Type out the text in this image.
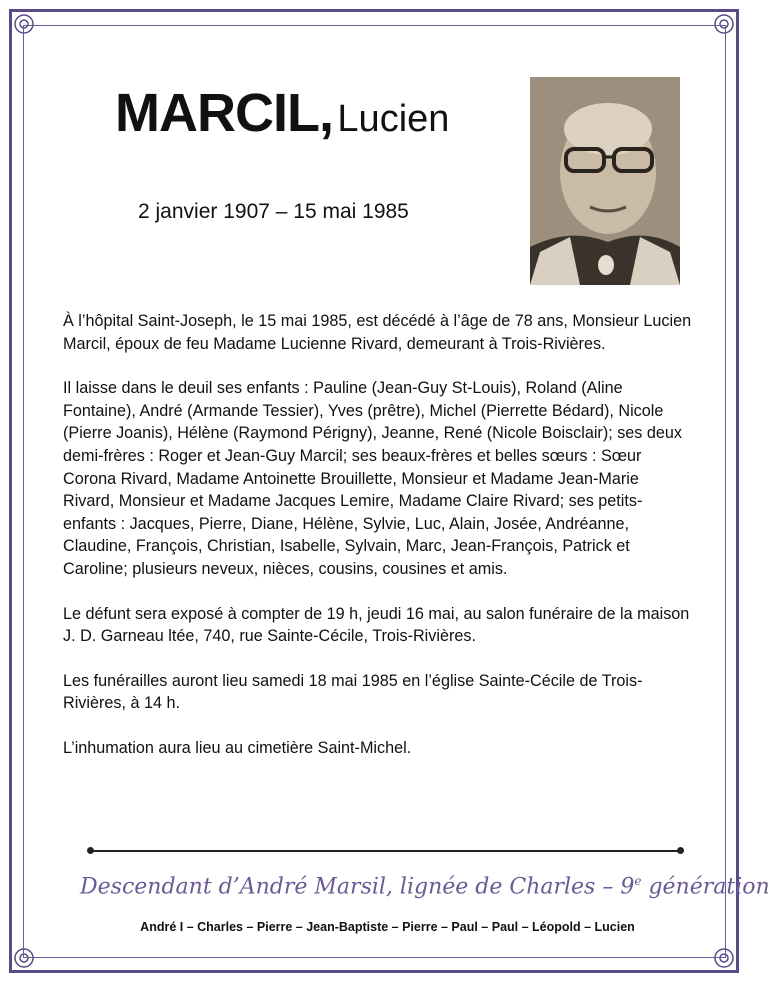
MARCIL, Lucien
2 janvier 1907 – 15 mai 1985

À l’hôpital Saint-Joseph, le 15 mai 1985, est décédé à l’âge de 78 ans, Monsieur Lucien Marcil, époux de feu Madame Lucienne Rivard, demeurant à Trois-Rivières.

Il laisse dans le deuil ses enfants : Pauline (Jean-Guy St-Louis), Roland (Aline Fontaine), André (Armande Tessier), Yves (prêtre), Michel (Pierrette Bédard), Nicole (Pierre Joanis), Hélène (Raymond Périgny), Jeanne, René (Nicole Boisclair); ses deux demi-frères : Roger et Jean-Guy Marcil; ses beaux-frères et belles sœurs : Sœur Corona Rivard, Madame Antoinette Brouillette, Monsieur et Madame Jean-Marie Rivard, Monsieur et Madame Jacques Lemire, Madame Claire Rivard; ses petits-enfants : Jacques, Pierre, Diane, Hélène, Sylvie, Luc, Alain, Josée, Andréanne, Claudine, François, Christian, Isabelle, Sylvain, Marc, Jean-François, Patrick et Caroline; plusieurs neveux, nièces, cousins, cousines et amis.

Le défunt sera exposé à compter de 19 h, jeudi 16 mai, au salon funéraire de la maison J. D. Garneau ltée, 740, rue Sainte-Cécile, Trois-Rivières.

Les funérailles auront lieu samedi 18 mai 1985 en l’église Sainte-Cécile de Trois-Rivières, à 14 h.

L’inhumation aura lieu au cimetière Saint-Michel.

Descendant d’André Marsil, lignée de Charles – 9e génération
André I – Charles – Pierre – Jean-Baptiste – Pierre – Paul – Paul – Léopold – Lucien
